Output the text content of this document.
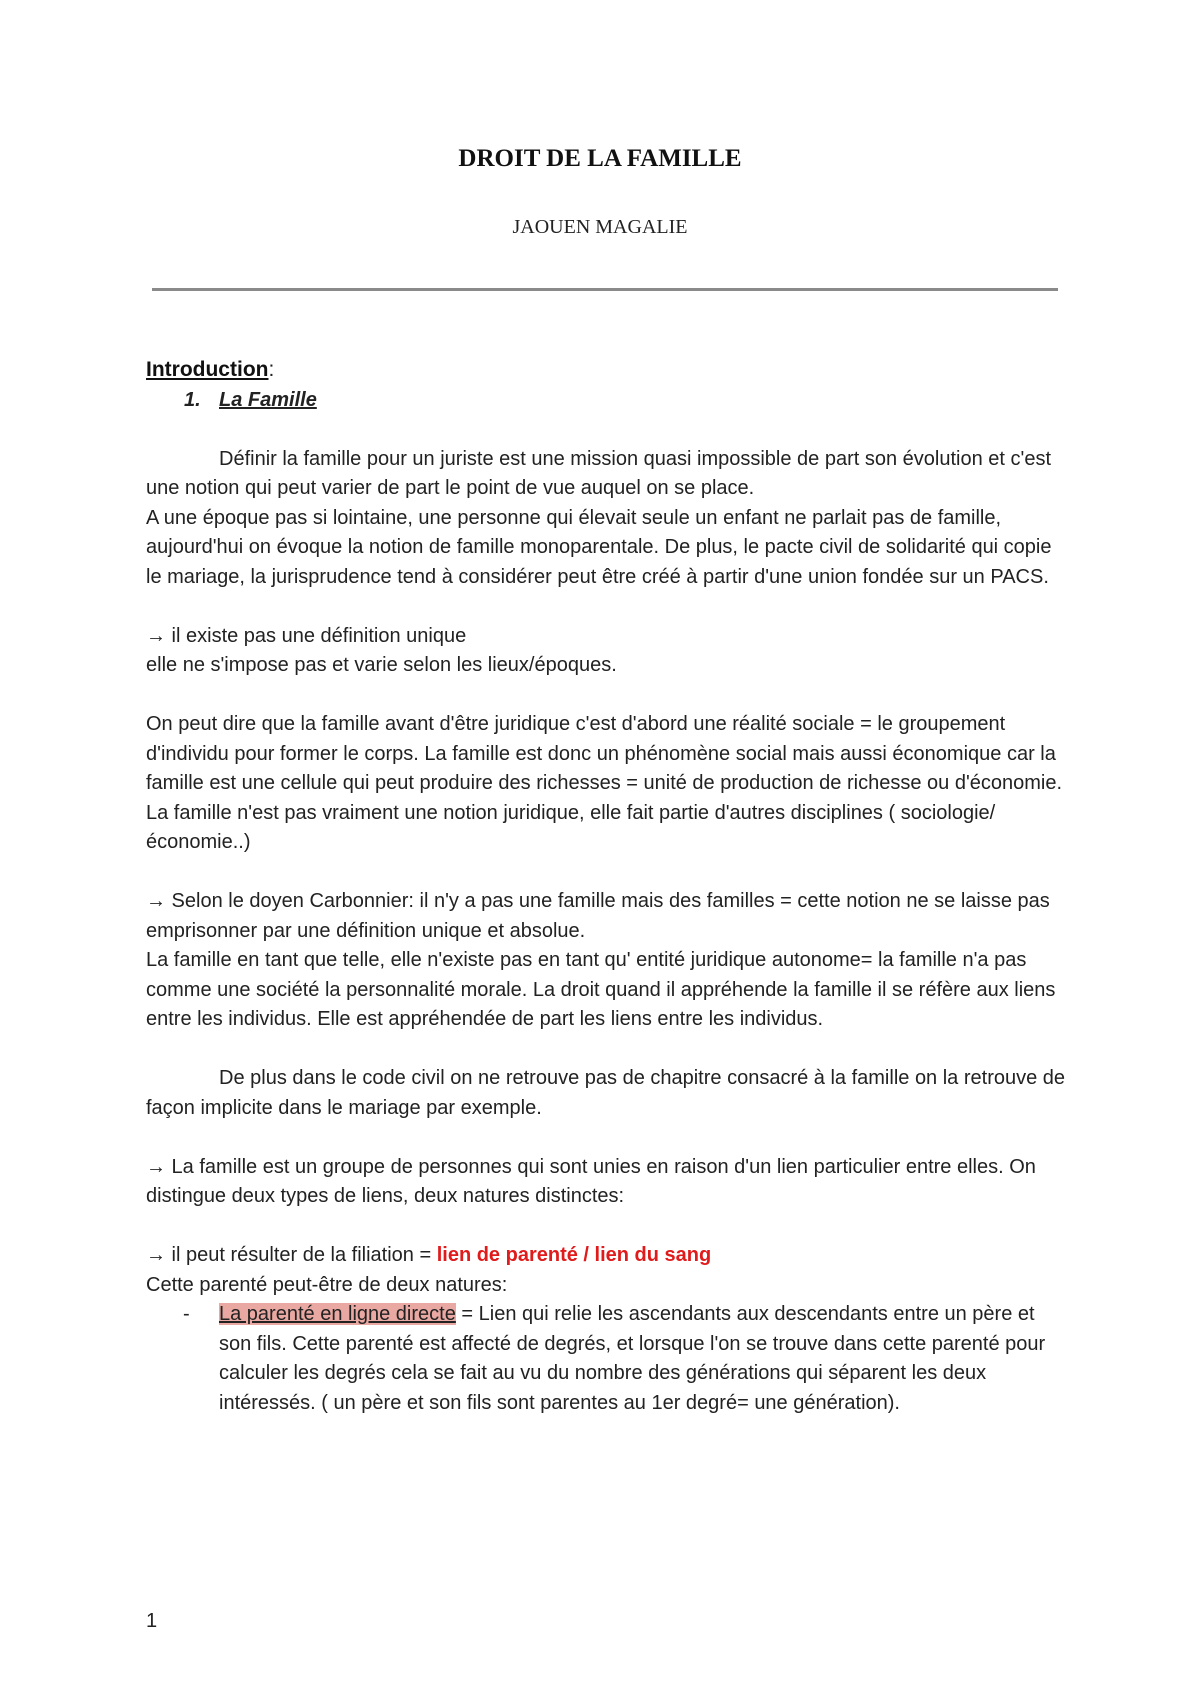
DROIT DE LA FAMILLE

JAOUEN MAGALIE

Introduction:

1. La Famille

Définir la famille pour un juriste est une mission quasi impossible de part son évolution et c'est une notion qui peut varier de part le point de vue auquel on se place.

A une époque pas si lointaine, une personne qui élevait seule un enfant ne parlait pas de famille, aujourd'hui on évoque la notion de famille monoparentale. De plus, le pacte civil de solidarité qui copie le mariage, la jurisprudence tend à considérer peut être créé à partir d'une union fondée sur un PACS.

→ il existe pas une définition unique

elle ne s'impose pas et varie selon les lieux/époques.

On peut dire que la famille avant d'être juridique c'est d'abord une réalité sociale = le groupement d'individu pour former le corps. La famille est donc un phénomène social mais aussi économique car la famille est une cellule qui peut produire des richesses = unité de production de richesse ou d'économie. La famille n'est pas vraiment une notion juridique, elle fait partie d'autres disciplines ( sociologie/économie..)

→ Selon le doyen Carbonnier: il n'y a pas une famille mais des familles = cette notion ne se laisse pas emprisonner par une définition unique et absolue.

La famille en tant que telle, elle n'existe pas en tant qu' entité juridique autonome= la famille n'a pas comme une société la personnalité morale. La droit quand il appréhende la famille il se réfère aux liens entre les individus. Elle est appréhendée de part les liens entre les individus.

De plus dans le code civil on ne retrouve pas de chapitre consacré à la famille on la retrouve de façon implicite dans le mariage par exemple.

→ La famille est un groupe de personnes qui sont unies en raison d'un lien particulier entre elles. On distingue deux types de liens, deux natures distinctes:

→ il peut résulter de la filiation = lien de parenté / lien du sang

Cette parenté peut-être de deux natures:

- La parenté en ligne directe = Lien qui relie les ascendants aux descendants entre un père et son fils. Cette parenté est affecté de degrés, et lorsque l'on se trouve dans cette parenté pour calculer les degrés cela se fait au vu du nombre des générations qui séparent les deux intéressés. ( un père et son fils sont parentes au 1er degré= une génération).

1
